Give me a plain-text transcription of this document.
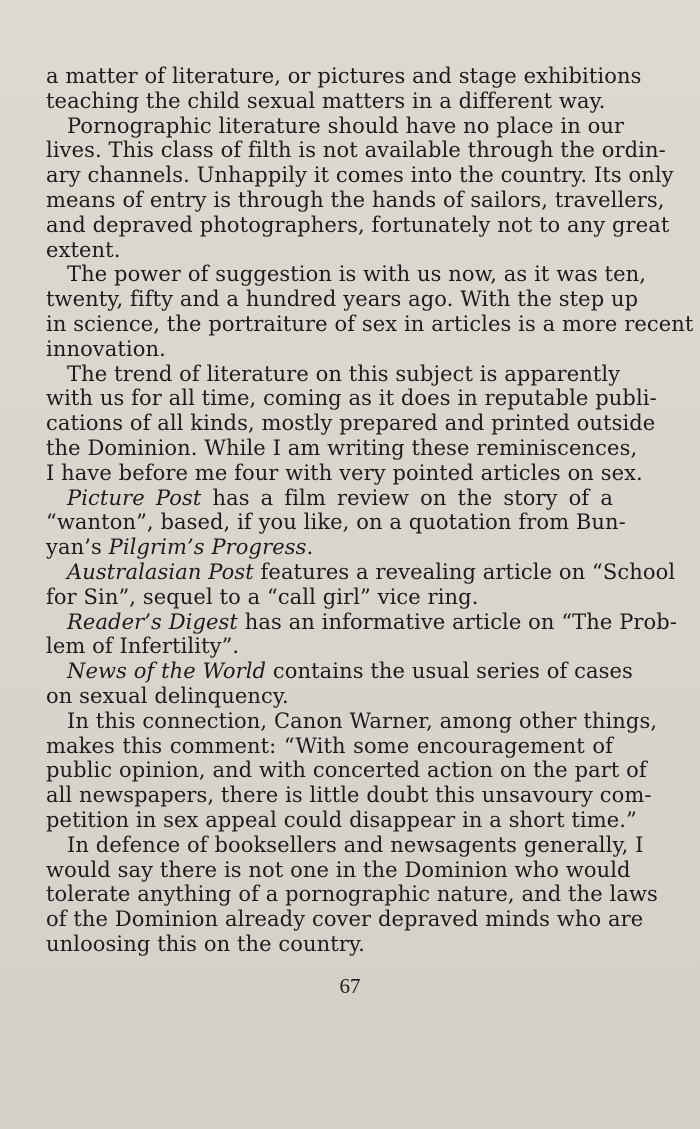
a matter of literature, or pictures and stage exhibitions
teaching the child sexual matters in a different way.
Pornographic literature should have no place in our
lives. This class of filth is not available through the ordin-
ary channels. Unhappily it comes into the country. Its only
means of entry is through the hands of sailors, travellers,
and depraved photographers, fortunately not to any great
extent.
The power of suggestion is with us now, as it was ten,
twenty, fifty and a hundred years ago. With the step up
in science, the portraiture of sex in articles is a more recent
innovation.
The trend of literature on this subject is apparently
with us for all time, coming as it does in reputable publi-
cations of all kinds, mostly prepared and printed outside
the Dominion. While I am writing these reminiscences,
I have before me four with very pointed articles on sex.
Picture Post has a film review on the story of a
“wanton”, based, if you like, on a quotation from Bun-
yan’s Pilgrim’s Progress.
Australasian Post features a revealing article on “School
for Sin”, sequel to a “call girl” vice ring.
Reader’s Digest has an informative article on “The Prob-
lem of Infertility”.
News of the World contains the usual series of cases
on sexual delinquency.
In this connection, Canon Warner, among other things,
makes this comment: “With some encouragement of
public opinion, and with concerted action on the part of
all newspapers, there is little doubt this unsavoury com-
petition in sex appeal could disappear in a short time.”
In defence of booksellers and newsagents generally, I
would say there is not one in the Dominion who would
tolerate anything of a pornographic nature, and the laws
of the Dominion already cover depraved minds who are
unloosing this on the country.
67
